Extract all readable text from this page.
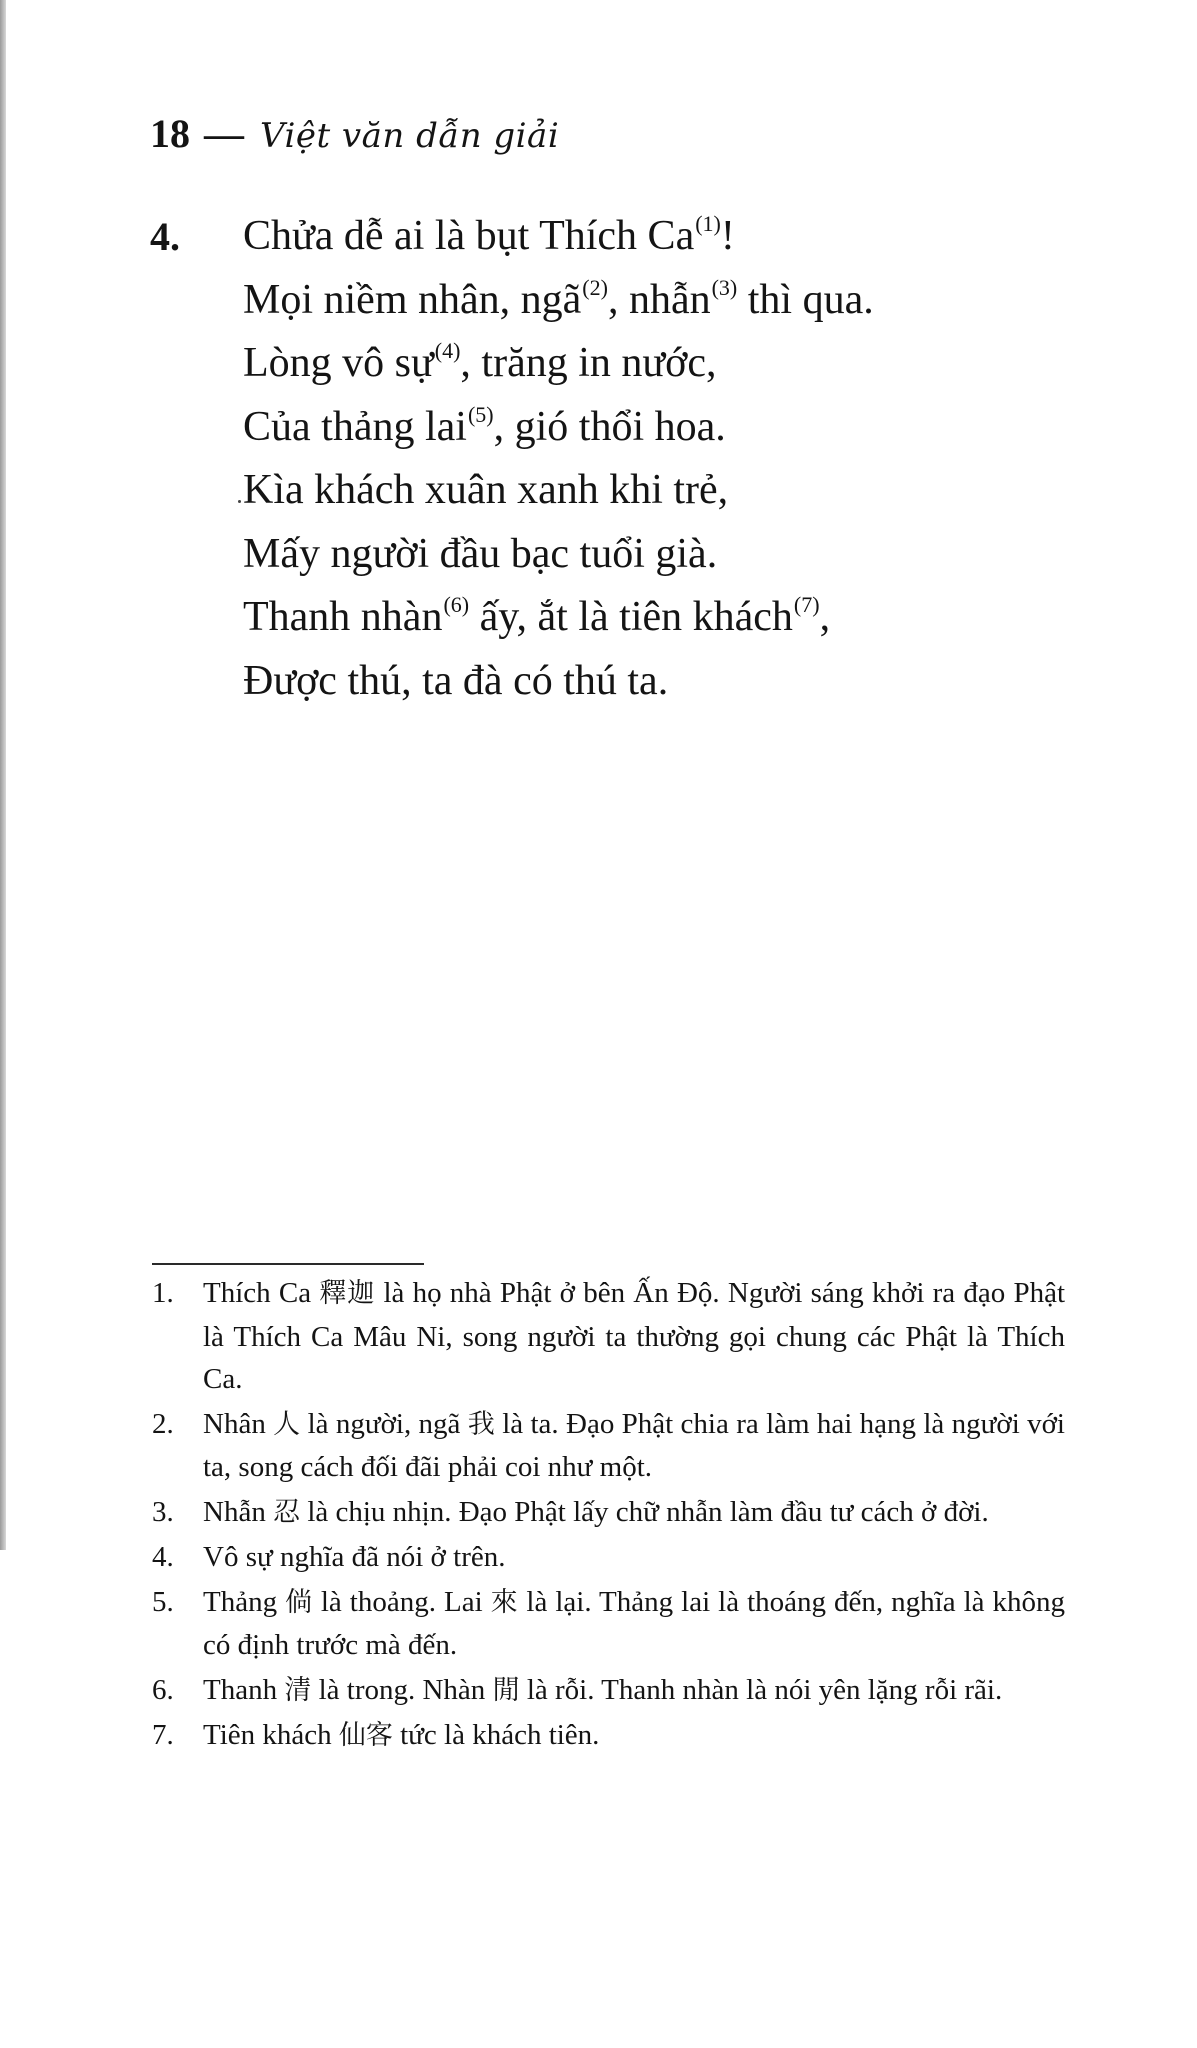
18 — Việt văn dẫn giải
4. Chửa dễ ai là bụt Thích Ca$^{(1)}$!
Mọi niềm nhân, ngã$^{(2)}$, nhẫn$^{(3)}$ thì qua.
Lòng vô sự$^{(4)}$, trăng in nước,
Của thảng lai$^{(5)}$, gió thổi hoa.
Kìa khách xuân xanh khi trẻ,
Mấy người đầu bạc tuổi già.
Thanh nhàn$^{(6)}$ ấy, ắt là tiên khách$^{(7)}$,
Được thú, ta đà có thú ta.
1. Thích Ca 釋迦 là họ nhà Phật ở bên Ấn Độ. Người sáng khởi ra đạo Phật là Thích Ca Mâu Ni, song người ta thường gọi chung các Phật là Thích Ca.
2. Nhân 人 là người, ngã 我 là ta. Đạo Phật chia ra làm hai hạng là người với ta, song cách đối đãi phải coi như một.
3. Nhẫn 忍 là chịu nhịn. Đạo Phật lấy chữ nhẫn làm đầu tư cách ở đời.
4. Vô sự nghĩa đã nói ở trên.
5. Thảng 倘 là thoảng. Lai 來 là lại. Thảng lai là thoáng đến, nghĩa là không có định trước mà đến.
6. Thanh 清 là trong. Nhàn 閒 là rỗi. Thanh nhàn là nói yên lặng rỗi rãi.
7. Tiên khách 仙客 tức là khách tiên.
